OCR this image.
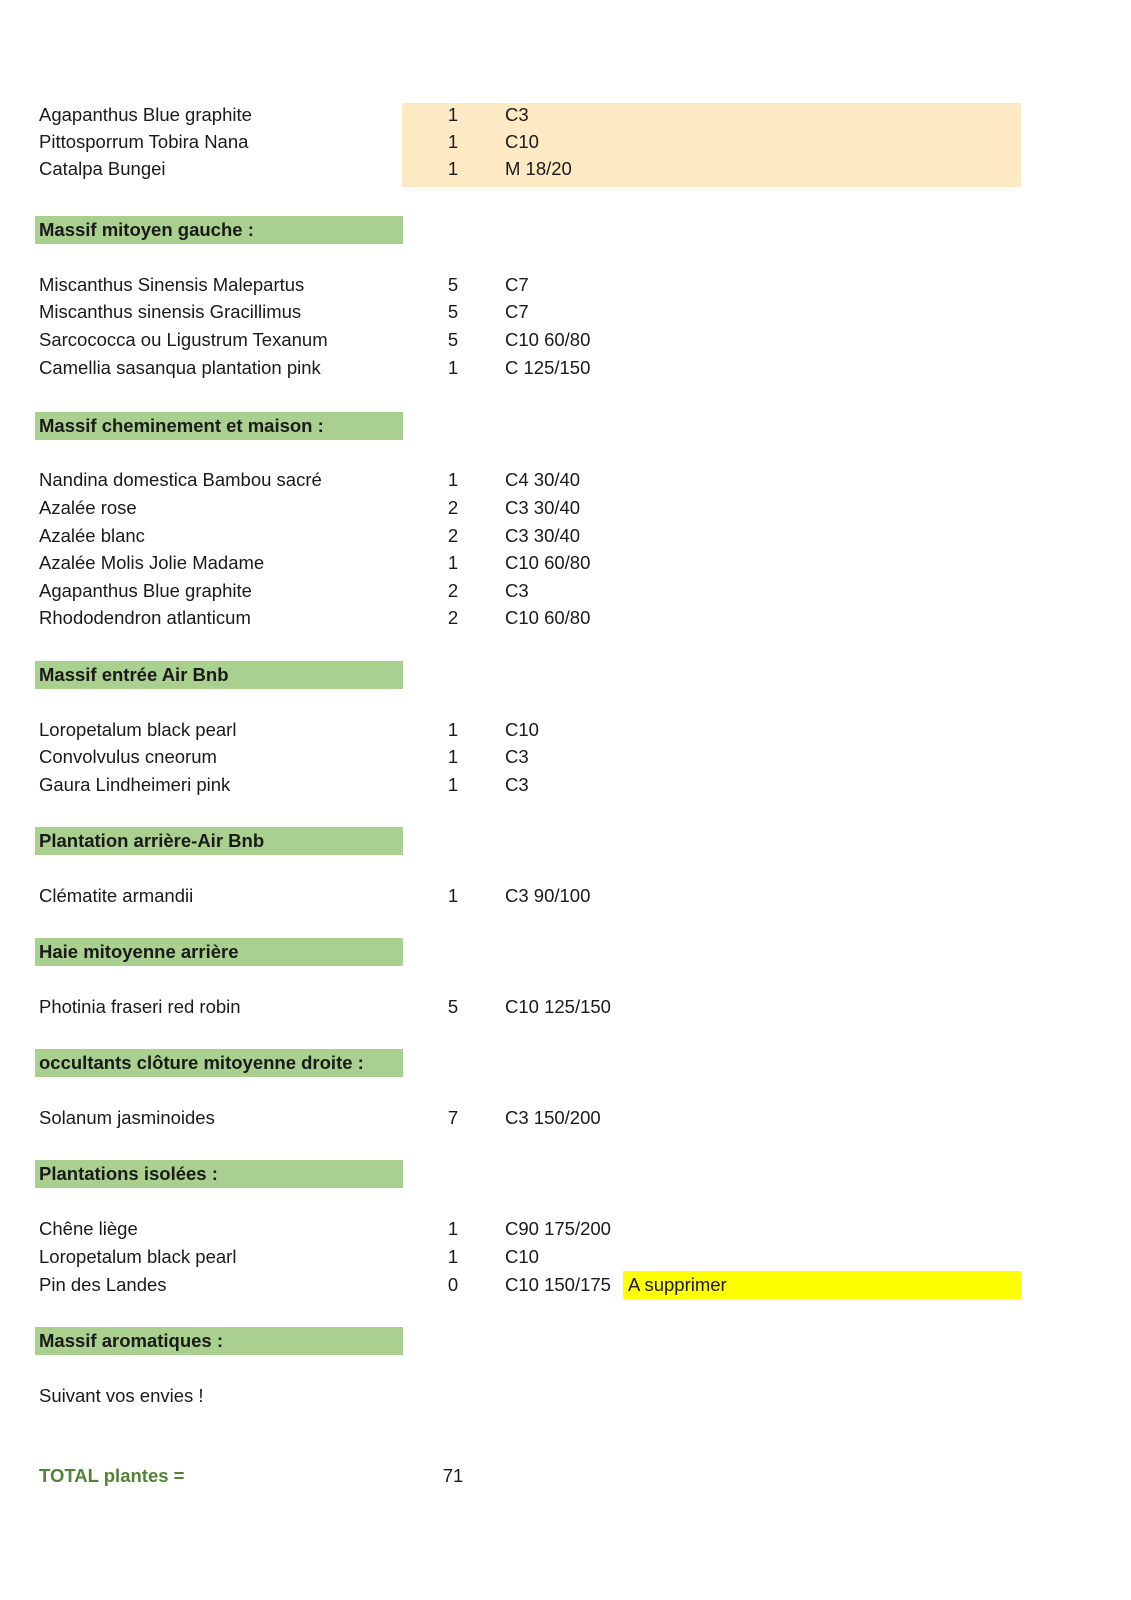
Agapanthus Blue graphite	1	C3
Pittosporrum Tobira Nana	1	C10
Catalpa Bungei	1	M 18/20
Massif mitoyen gauche :
Miscanthus Sinensis Malepartus	5	C7
Miscanthus sinensis Gracillimus	5	C7
Sarcococca ou Ligustrum Texanum	5	C10 60/80
Camellia sasanqua plantation pink	1	C 125/150
Massif cheminement et maison :
Nandina domestica Bambou sacré	1	C4 30/40
Azalée rose	2	C3 30/40
Azalée blanc	2	C3 30/40
Azalée Molis Jolie Madame	1	C10 60/80
Agapanthus Blue graphite	2	C3
Rhododendron atlanticum	2	C10 60/80
Massif entrée Air Bnb
Loropetalum black pearl	1	C10
Convolvulus cneorum	1	C3
Gaura Lindheimeri pink	1	C3
Plantation arrière-Air Bnb
Clématite armandii	1	C3 90/100
Haie mitoyenne arrière
Photinia fraseri red robin	5	C10 125/150
occultants clôture mitoyenne droite :
Solanum jasminoides	7	C3 150/200
Plantations isolées :
Chêne liège	1	C90 175/200
Loropetalum black pearl	1	C10
Pin des Landes	0	C10 150/175 A supprimer
Massif aromatiques :
Suivant vos envies !
TOTAL plantes =	71
